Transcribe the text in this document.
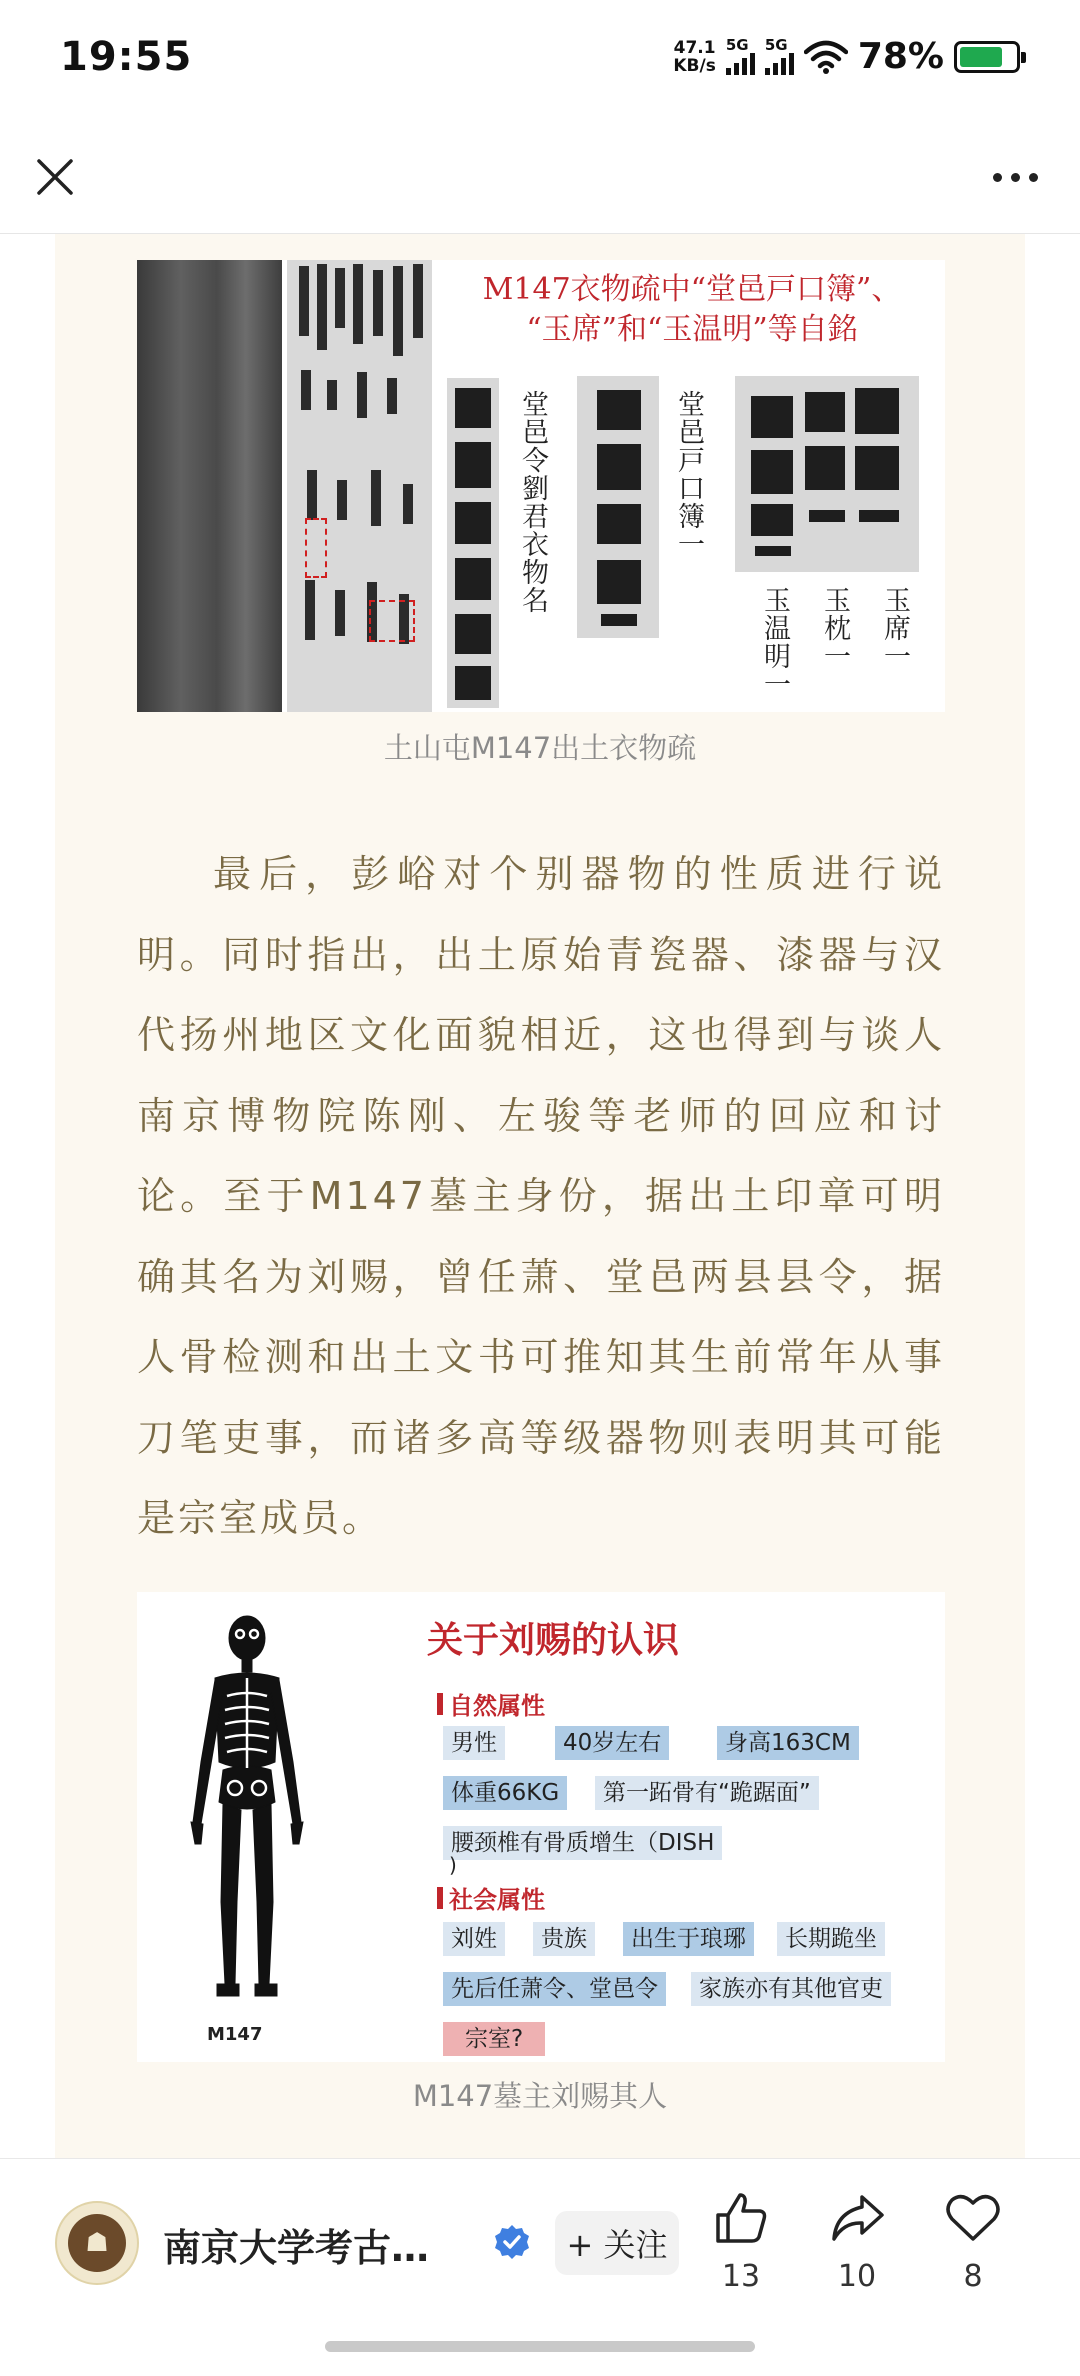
19:55	47.1
KB/s
5G 5G 78%
M147衣物疏中“堂邑戸口簿”、
“玉席”和“玉温明”等自銘
堂邑令劉君衣物名	堂邑戸口簿一
玉席一
玉枕一
玉温明一
土山屯M147出土衣物疏
最后，彭峪对个别器物的性质进行说明。同时指出，出土原始青瓷器、漆器与汉代扬州地区文化面貌相近，这也得到与谈人南京博物院陈刚、左骏等老师的回应和讨论。至于M147墓主身份，据出土印章可明确其名为刘赐，曾任萧、堂邑两县县令，据人骨检测和出土文书可推知其生前常年从事刀笔吏事，而诸多高等级器物则表明其可能是宗室成员。
M147
关于刘赐的认识
自然属性
男性	40岁左右	身高163CM
体重66KG	第一跖骨有“跪踞面”
腰颈椎有骨质增生（DISH
)
社会属性
刘姓	贵族	出生于琅琊	长期跪坐
先后任萧令、堂邑令	家族亦有其他官吏
宗室?
M147墓主刘赐其人
☗	南京大学考古…	+ 关注
13	10	8
